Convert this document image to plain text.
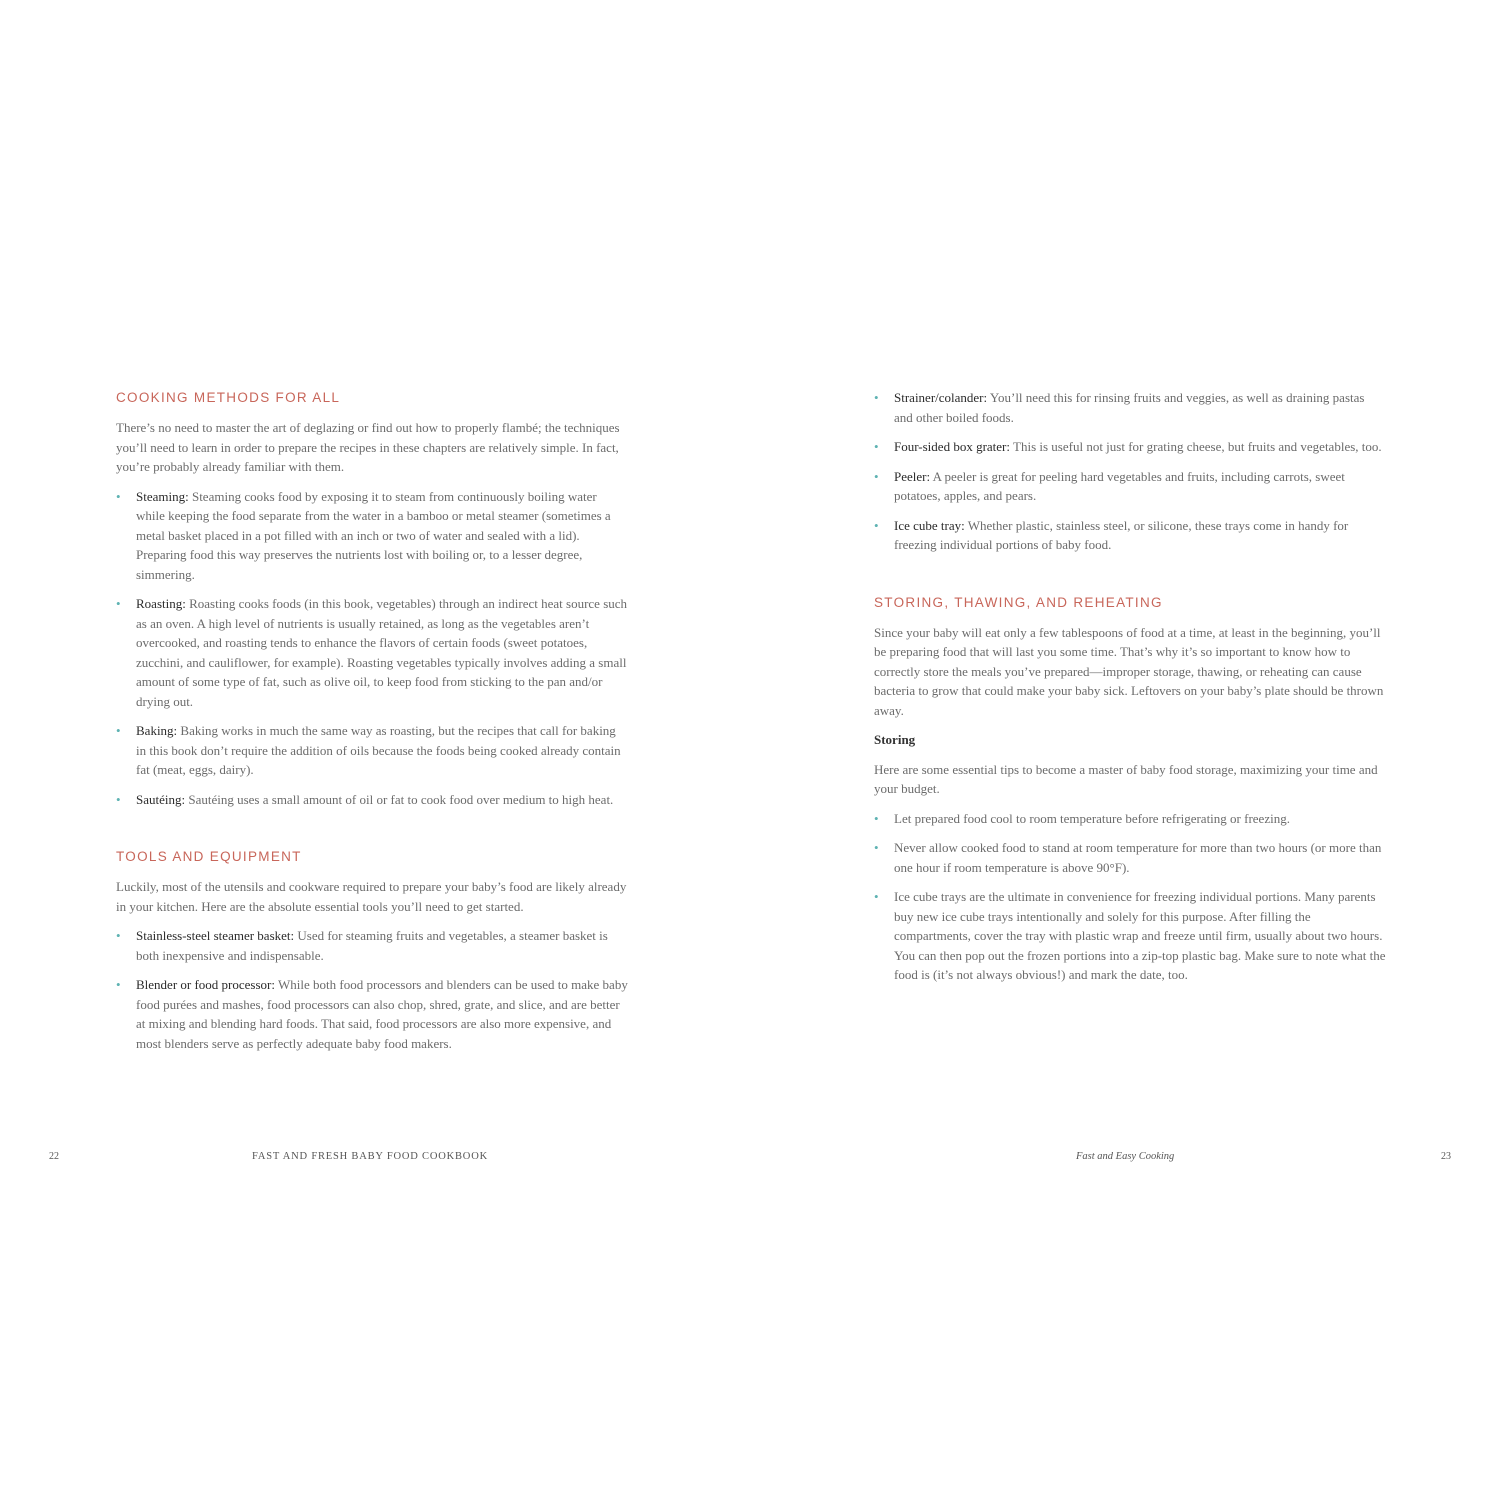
COOKING METHODS FOR ALL

There’s no need to master the art of deglazing or find out how to properly flambé; the techniques you’ll need to learn in order to prepare the recipes in these chapters are relatively simple. In fact, you’re probably already familiar with them.

• Steaming: Steaming cooks food by exposing it to steam from continuously boiling water while keeping the food separate from the water in a bamboo or metal steamer (sometimes a metal basket placed in a pot filled with an inch or two of water and sealed with a lid). Preparing food this way preserves the nutrients lost with boiling or, to a lesser degree, simmering.
• Roasting: Roasting cooks foods (in this book, vegetables) through an indirect heat source such as an oven. A high level of nutrients is usually retained, as long as the vegetables aren’t overcooked, and roasting tends to enhance the flavors of certain foods (sweet potatoes, zucchini, and cauliflower, for example). Roasting vegetables typically involves adding a small amount of some type of fat, such as olive oil, to keep food from sticking to the pan and/or drying out.
• Baking: Baking works in much the same way as roasting, but the recipes that call for baking in this book don’t require the addition of oils because the foods being cooked already contain fat (meat, eggs, dairy).
• Sautéing: Sautéing uses a small amount of oil or fat to cook food over medium to high heat.
TOOLS AND EQUIPMENT

Luckily, most of the utensils and cookware required to prepare your baby’s food are likely already in your kitchen. Here are the absolute essential tools you’ll need to get started.

• Stainless-steel steamer basket: Used for steaming fruits and vegetables, a steamer basket is both inexpensive and indispensable.
• Blender or food processor: While both food processors and blenders can be used to make baby food purées and mashes, food processors can also chop, shred, grate, and slice, and are better at mixing and blending hard foods. That said, food processors are also more expensive, and most blenders serve as perfectly adequate baby food makers.
• Strainer/colander: You’ll need this for rinsing fruits and veggies, as well as draining pastas and other boiled foods.
• Four-sided box grater: This is useful not just for grating cheese, but fruits and vegetables, too.
• Peeler: A peeler is great for peeling hard vegetables and fruits, including carrots, sweet potatoes, apples, and pears.
• Ice cube tray: Whether plastic, stainless steel, or silicone, these trays come in handy for freezing individual portions of baby food.
STORING, THAWING, AND REHEATING

Since your baby will eat only a few tablespoons of food at a time, at least in the beginning, you’ll be preparing food that will last you some time. That’s why it’s so important to know how to correctly store the meals you’ve prepared—improper storage, thawing, or reheating can cause bacteria to grow that could make your baby sick. Leftovers on your baby’s plate should be thrown away.

Storing

Here are some essential tips to become a master of baby food storage, maximizing your time and your budget.

• Let prepared food cool to room temperature before refrigerating or freezing.
• Never allow cooked food to stand at room temperature for more than two hours (or more than one hour if room temperature is above 90°F).
• Ice cube trays are the ultimate in convenience for freezing individual portions. Many parents buy new ice cube trays intentionally and solely for this purpose. After filling the compartments, cover the tray with plastic wrap and freeze until firm, usually about two hours. You can then pop out the frozen portions into a zip-top plastic bag. Make sure to note what the food is (it’s not always obvious!) and mark the date, too.
22	FAST AND FRESH BABY FOOD COOKBOOK	Fast and Easy Cooking	23
